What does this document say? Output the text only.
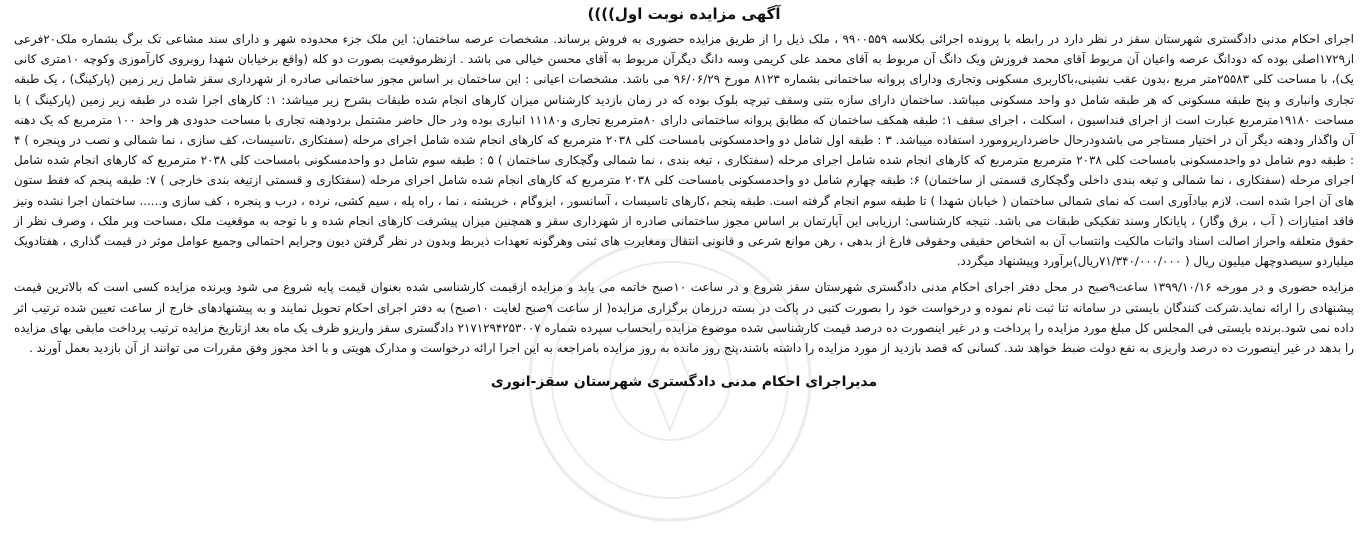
آگهی مزایده نوبت اول))))

اجرای احکام مدنی دادگستری شهرستان سقز در نظر دارد در رابطه با پرونده اجرائی بکلاسه ۹۹۰۰۵۵۹ ، ملک ذیل را از طریق مزایده حضوری به فروش برساند. مشخصات عرصه ساختمان: این ملک جزء محدوده شهر و دارای سند مشاعی تک برگ بشماره ملک۲۰فرعی از۱۷۲۹اصلی بوده که دودانگ عرصه واعیان آن مربوط آقای محمد فروزش ویک دانگ آن مربوط به آقای محمد علی کریمی وسه دانگ دیگرآن مربوط به آقای محسن خیالی می باشد . ازنظرموقعیت بصورت دو کله (واقع برخیابان شهدا روبروی کارآموزی وکوچه ۱۰متری کانی یک)، با مساحت کلی ۲۵۵۸۳متر مربع ،بدون عقب نشینی،باکاربری مسکونی وتجاری ودارای پروانه ساختمانی بشماره ۸۱۲۳ مورخ ۹۶/۰۶/۲۹ می باشد. مشخصات اعیانی : این ساختمان بر اساس مجوز ساختمانی صادره از شهرداری سقز شامل زیر زمین (پارکینگ) ، یک طبقه تجاری وانباری و پنج طبقه مسکونی که هر طبقه شامل دو واحد مسکونی میباشد. ساختمان دارای سازه بتنی وسقف تیرچه بلوک بوده که در زمان بازدید کارشناس میزان کارهای انجام شده طبقات بشرح زیر میباشد: ۱: کارهای اجرا شده در طبقه زیر زمین (پارکینگ ) با مساحت ۱۹۱۸۰مترمربع عبارت است از اجرای فنداسیون ، اسکلت ، اجرای سقف ۱: طبقه همکف ساختمان که مطابق پروانه ساختمانی دارای ۸۰مترمربع تجاری و۱۱۱۸۰ انباری بوده ودر حال حاضر مشتمل بردودهنه تجاری با مساحت حدودی هر واحد ۱۰۰ مترمربع که یک دهنه آن واگذار ودهنه دیگر آن در اختیار مستاجر می باشدودرحال حاضرداریرومورد استفاده میباشد. ۳ : طبقه اول شامل دو واحدمسکونی بامساحت کلی ۲۰۳۸ مترمربع که کارهای انجام شده شامل اجرای مرحله (سفتکاری ،تاسیسات، کف سازی ، نما شمالی و نصب در وپنجره ) ۴ : طبقه دوم شامل دو واحدمسکونی بامساحت کلی ۲۰۳۸ مترمربع مترمربع که کارهای انجام شده شامل اجرای مرحله (سفتکاری ، تیغه بندی ، نما شمالی وگچکاری ساختمان ) ۵ : طبقه سوم شامل دو واحدمسکونی بامساحت کلی ۲۰۳۸ مترمربع که کارهای انجام شده شامل اجرای مرحله (سفتکاری ، نما شمالی و تیغه بندی داخلی وگچکاری قسمتی از ساختمان) ۶: طبقه چهارم شامل دو واحدمسکونی بامساحت کلی ۲۰۳۸ مترمربع که کارهای انجام شده شامل اجرای مرحله (سفتکاری و قسمتی ازتیغه بندی خارجی ) ۷: طبقه پنجم که فقط ستون های آن اجرا شده است. لازم بیادآوری است که نمای شمالی ساختمان ( خیابان شهدا ) تا طبقه سوم انجام گرفته است. طبقه پنجم ،کارهای تاسیسات ، آسانسور ، ایزوگام ، خرپشته ، نما ، راه پله ، سیم کشی، نرده ، درب و پنجره ، کف سازی و...... ساختمان اجرا نشده ونیز فاقد امتیازات ( آب ، برق وگاز) ، پایانکار وسند تفکیکی طبقات می باشد. نتیجه کارشناسی: ارزیابی این آپارتمان بر اساس مجوز ساختمانی صادره از شهرداری سقز و همچنین میزان پیشرفت کارهای انجام شده و با توجه به موقعیت ملک ،مساحت وبر ملک ، وصرف نظر از حقوق متعلقه واحراز اصالت اسناد واثبات مالکیت وانتساب آن به اشخاص حقیقی وحقوقی فارغ از بدهی ، رهن موانع شرعی و قانونی انتقال ومغایرت های ثبتی وهرگونه تعهدات ذیربط وبدون در نظر گرفتن دیون وجرایم احتمالی وجمیع عوامل موثر در قیمت گذاری ، هفتادویک میلیاردو سیصدوچهل میلیون ریال ( ۷۱/۳۴۰/۰۰۰/۰۰۰ریال)برآورد وپیشنهاد میگردد.

مزایده حضوری و در مورخه ۱۳۹۹/۱۰/۱۶ ساعت۹صبح در محل دفتر اجرای احکام مدنی دادگستری شهرستان سقز شروع و در ساعت ۱۰صبح خاتمه می یابد و مزایده ازقیمت کارشناسی شده بعنوان قیمت پایه شروع می شود وبرنده مزایده کسی است که بالاترین قیمت پیشنهادی را ارائه نماید.شرکت کنندگان بایستی در سامانه ثنا ثبت نام نموده و درخواست خود را بصورت کتبی در پاکت در بسته درزمان برگزاری مزایده( از ساعت ۹صبح لغایت ۱۰صبح) به دفتر اجرای احکام تحویل نمایند و به پیشنهادهای خارج از ساعت تعیین شده ترتیب اثر داده نمی شود.برنده بایستی فی المجلس کل مبلغ مورد مزایده را پرداخت و در غیر اینصورت ده درصد قیمت کارشناسی شده موضوع مزایده رابحساب سپرده شماره ۲۱۷۱۲۹۴۲۵۳۰۰۷ دادگستری سقز واریزو ظرف یک ماه بعد ازتاریخ مزایده ترتیب پرداخت مابقی بهای مزایده را بدهد در غیر اینصورت ده درصد واریزی به نفع دولت ضبط خواهد شد. کسانی که قصد بازدید از مورد مزایده را داشته باشند،پنج روز مانده به روز مزایده بامراجعه به این اجرا ارائه درخواست و مدارک هویتی و با اخذ مجوز وفق مقررات می توانند از آن بازدید بعمل آورند .

مدیراجرای احکام مدنی دادگستری شهرستان سقز-انوری
